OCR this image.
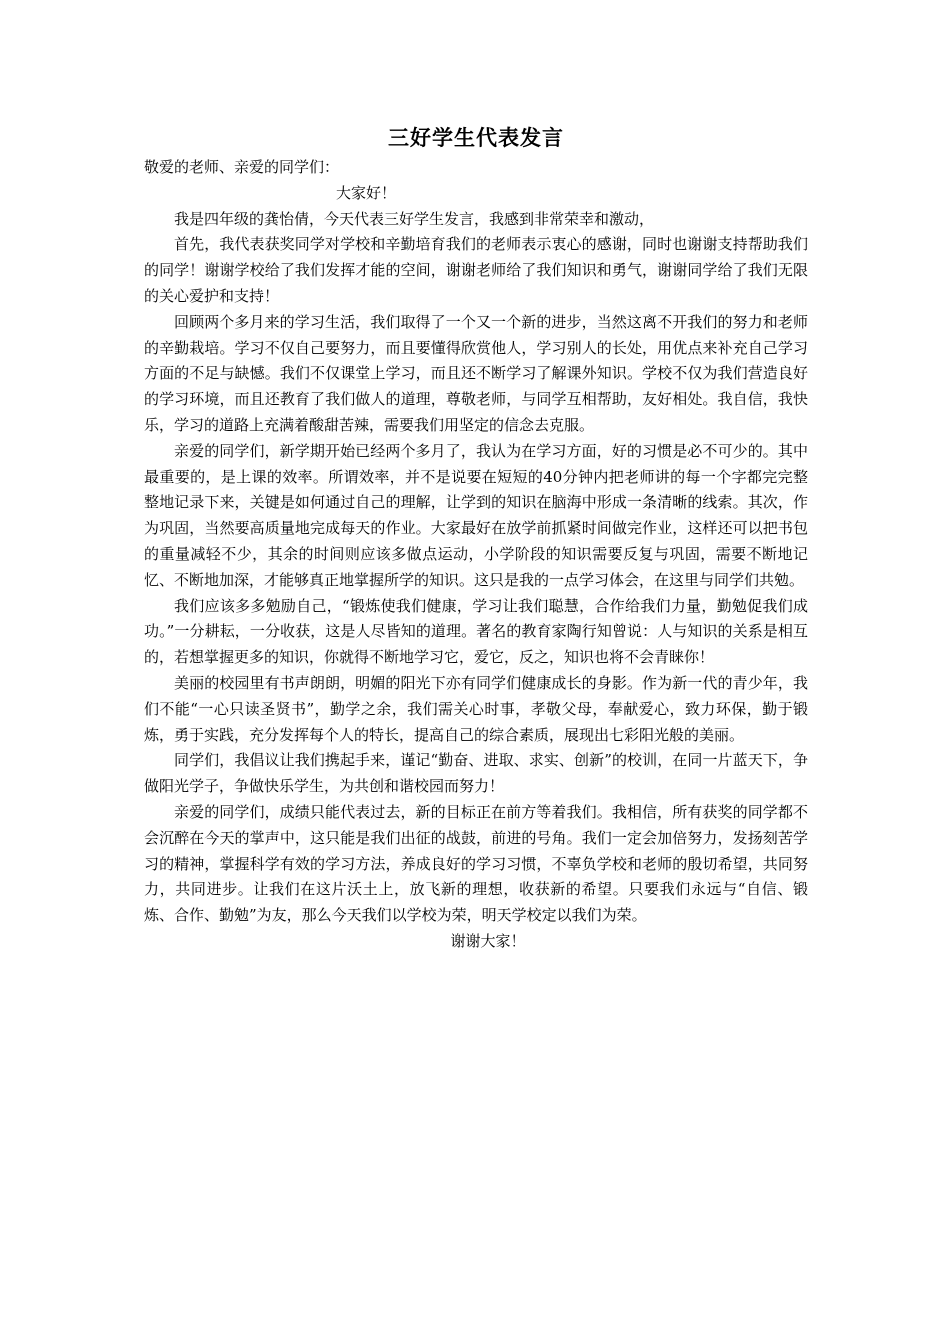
三好学生代表发言

敬爱的老师、亲爱的同学们：

大家好！

我是四年级的龚怡倩，今天代表三好学生发言，我感到非常荣幸和激动，

首先，我代表获奖同学对学校和辛勤培育我们的老师表示衷心的感谢，同时也谢谢支持帮助我们的同学！谢谢学校给了我们发挥才能的空间，谢谢老师给了我们知识和勇气，谢谢同学给了我们无限的关心爱护和支持！

回顾两个多月来的学习生活，我们取得了一个又一个新的进步，当然这离不开我们的努力和老师的辛勤栽培。学习不仅自己要努力，而且要懂得欣赏他人，学习别人的长处，用优点来补充自己学习方面的不足与缺憾。我们不仅课堂上学习，而且还不断学习了解课外知识。学校不仅为我们营造良好的学习环境，而且还教育了我们做人的道理，尊敬老师，与同学互相帮助，友好相处。我自信，我快乐，学习的道路上充满着酸甜苦辣，需要我们用坚定的信念去克服。

亲爱的同学们，新学期开始已经两个多月了，我认为在学习方面，好的习惯是必不可少的。其中最重要的，是上课的效率。所谓效率，并不是说要在短短的40分钟内把老师讲的每一个字都完完整整地记录下来，关键是如何通过自己的理解，让学到的知识在脑海中形成一条清晰的线索。其次，作为巩固，当然要高质量地完成每天的作业。大家最好在放学前抓紧时间做完作业，这样还可以把书包的重量减轻不少，其余的时间则应该多做点运动，小学阶段的知识需要反复与巩固，需要不断地记忆、不断地加深，才能够真正地掌握所学的知识。这只是我的一点学习体会，在这里与同学们共勉。

我们应该多多勉励自己，“锻炼使我们健康，学习让我们聪慧，合作给我们力量，勤勉促我们成功。”一分耕耘，一分收获，这是人尽皆知的道理。著名的教育家陶行知曾说：人与知识的关系是相互的，若想掌握更多的知识，你就得不断地学习它，爱它，反之，知识也将不会青睐你！

美丽的校园里有书声朗朗，明媚的阳光下亦有同学们健康成长的身影。作为新一代的青少年，我们不能“一心只读圣贤书”，勤学之余，我们需关心时事，孝敬父母，奉献爱心，致力环保，勤于锻炼，勇于实践，充分发挥每个人的特长，提高自己的综合素质，展现出七彩阳光般的美丽。

同学们，我倡议让我们携起手来，谨记“勤奋、进取、求实、创新”的校训，在同一片蓝天下，争做阳光学子，争做快乐学生，为共创和谐校园而努力！

亲爱的同学们，成绩只能代表过去，新的目标正在前方等着我们。我相信，所有获奖的同学都不会沉醉在今天的掌声中，这只能是我们出征的战鼓，前进的号角。我们一定会加倍努力，发扬刻苦学习的精神，掌握科学有效的学习方法，养成良好的学习习惯，不辜负学校和老师的殷切希望，共同努力，共同进步。让我们在这片沃土上，放飞新的理想，收获新的希望。只要我们永远与“自信、锻炼、合作、勤勉”为友，那么今天我们以学校为荣，明天学校定以我们为荣。

谢谢大家！
